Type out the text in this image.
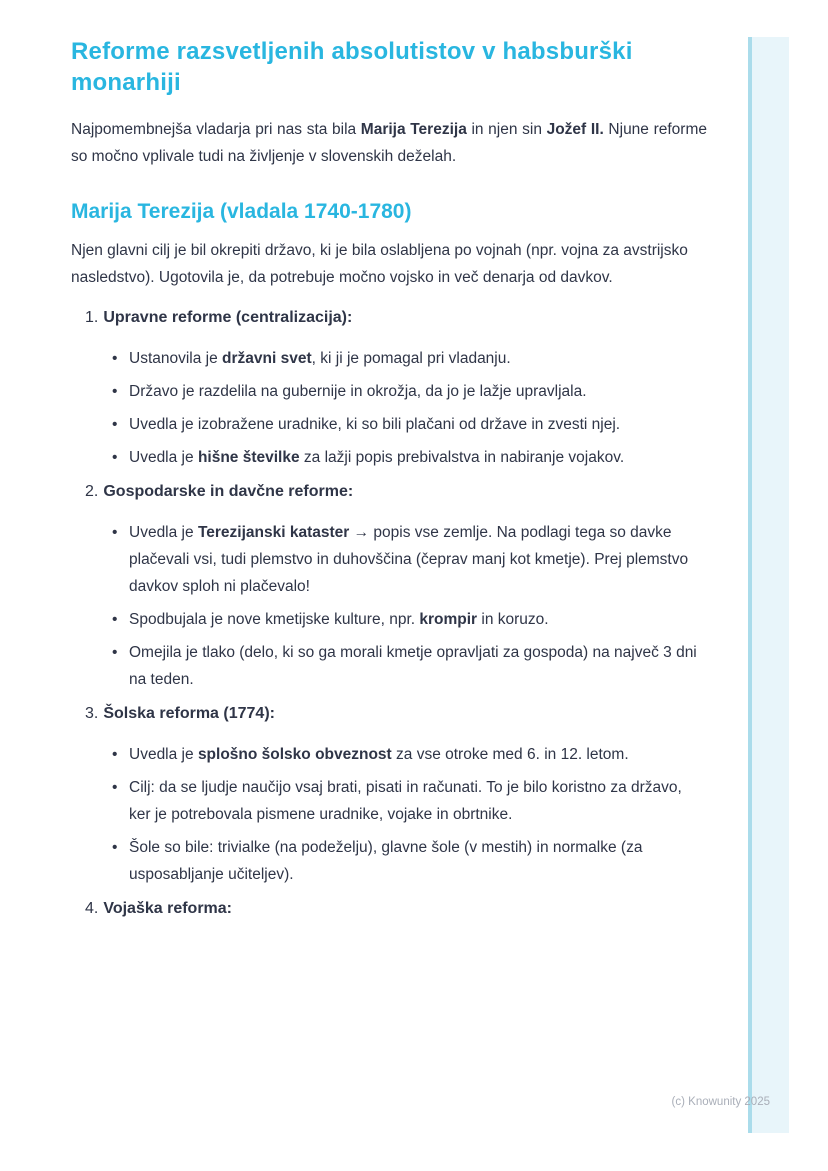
Reforme razsvetljenih absolutistov v habsburški monarhiji

Najpomembnejša vladarja pri nas sta bila Marija Terezija in njen sin Jožef II. Njune reforme so močno vplivale tudi na življenje v slovenskih deželah.

Marija Terezija (vladala 1740-1780)

Njen glavni cilj je bil okrepiti državo, ki je bila oslabljena po vojnah (npr. vojna za avstrijsko nasledstvo). Ugotovila je, da potrebuje močno vojsko in več denarja od davkov.

1. Upravne reforme (centralizacija):
• Ustanovila je državni svet, ki ji je pomagal pri vladanju.
• Državo je razdelila na gubernije in okrožja, da jo je lažje upravljala.
• Uvedla je izobražene uradnike, ki so bili plačani od države in zvesti njej.
• Uvedla je hišne številke za lažji popis prebivalstva in nabiranje vojakov.
2. Gospodarske in davčne reforme:
• Uvedla je Terezijanski kataster → popis vse zemlje. Na podlagi tega so davke plačevali vsi, tudi plemstvo in duhovščina (čeprav manj kot kmetje). Prej plemstvo davkov sploh ni plačevalo!
• Spodbujala je nove kmetijske kulture, npr. krompir in koruzo.
• Omejila je tlako (delo, ki so ga morali kmetje opravljati za gospoda) na največ 3 dni na teden.
3. Šolska reforma (1774):
• Uvedla je splošno šolsko obveznost za vse otroke med 6. in 12. letom.
• Cilj: da se ljudje naučijo vsaj brati, pisati in računati. To je bilo koristno za državo, ker je potrebovala pismene uradnike, vojake in obrtnike.
• Šole so bile: trivialke (na podeželju), glavne šole (v mestih) in normalke (za usposabljanje učiteljev).
4. Vojaška reforma:
(c) Knowunity 2025
